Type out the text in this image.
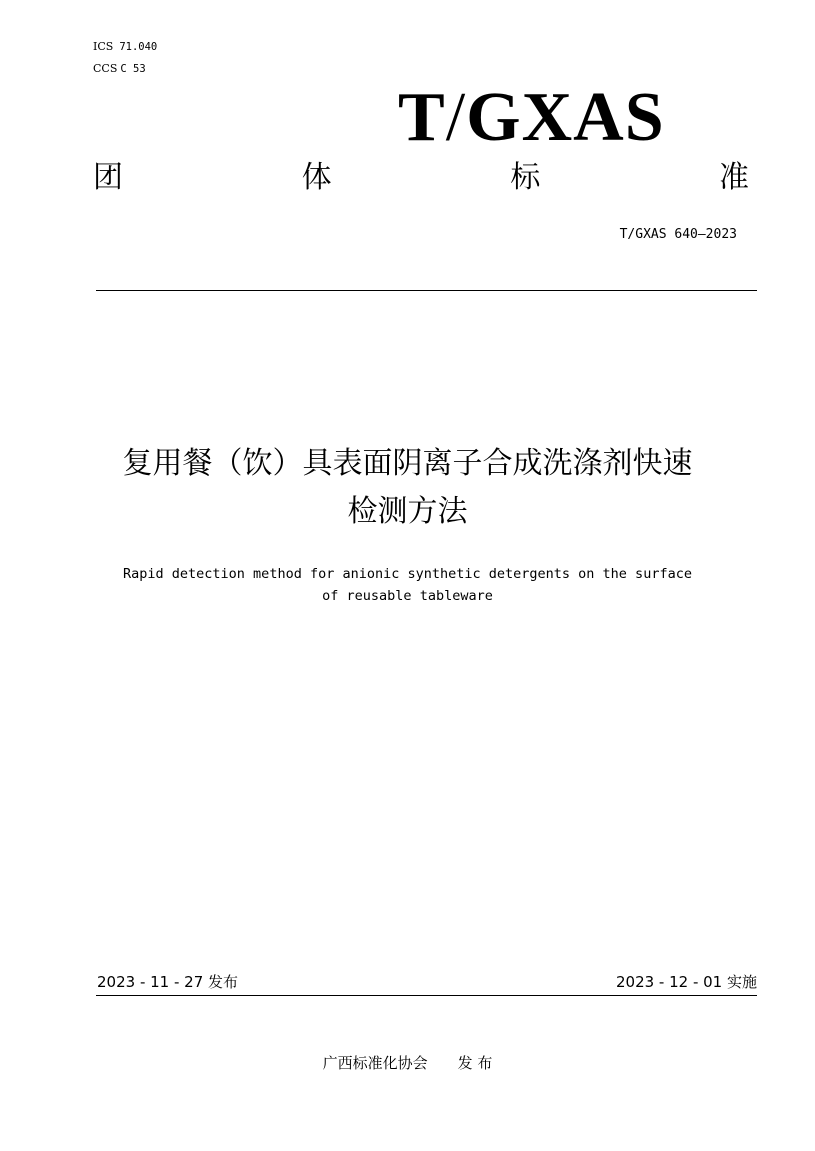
ICS 71.040
CCS C 53
T/GXAS
团	体	标	准
T/GXAS 640—2023
复用餐（饮）具表面阴离子合成洗涤剂快速
检测方法
Rapid detection method for anionic synthetic detergents on the surface
of reusable tableware
2023 - 11 - 27 发布	2023 - 12 - 01 实施
广西标准化协会 发 布
